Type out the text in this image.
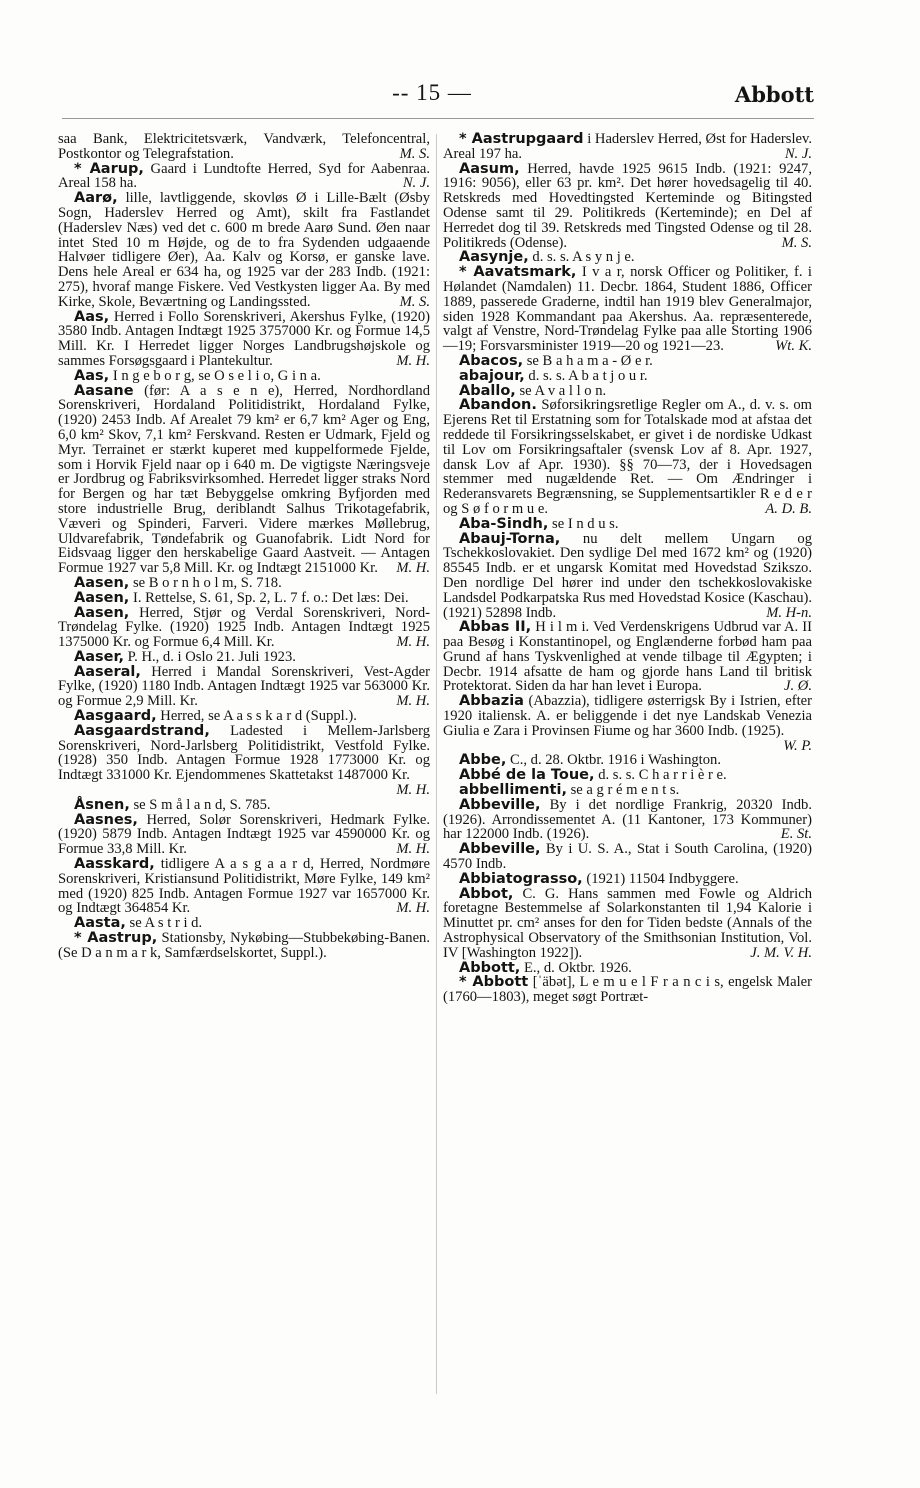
-- 15 —	Abbott

saa Bank, Elektricitetsværk, Vandværk, Telefoncentral, Postkontor og Telegrafstation.	M. S.

* Aarup, Gaard i Lundtofte Herred, Syd for Aabenraa. Areal 158 ha.	N. J.

Aarø, lille, lavtliggende, skovløs Ø i Lille-Bælt (Øsby Sogn, Haderslev Herred og Amt), skilt fra Fastlandet (Haderslev Næs) ved det c. 600 m brede Aarø Sund. Øen naar intet Sted 10 m Højde, og de to fra Sydenden udgaaende Halvøer tidligere Øer), Aa. Kalv og Korsø, er ganske lave. Dens hele Areal er 634 ha, og 1925 var der 283 Indb. (1921: 275), hvoraf mange Fiskere. Ved Vestkysten ligger Aa. By med Kirke, Skole, Beværtning og Landingssted.	M. S.

Aas, Herred i Follo Sorenskriveri, Akershus Fylke, (1920) 3580 Indb. Antagen Indtægt 1925 3757000 Kr. og Formue 14,5 Mill. Kr. I Herredet ligger Norges Landbrugshøjskole og sammes Forsøgsgaard i Plantekultur.	M. H.

Aas, I n g e b o r g, se O s e l i o, G i n a.

Aasane (før: A a s e n e), Herred, Nordhordland Sorenskriveri, Hordaland Politidistrikt, Hordaland Fylke, (1920) 2453 Indb. Af Arealet 79 km² er 6,7 km² Ager og Eng, 6,0 km² Skov, 7,1 km² Ferskvand. Resten er Udmark, Fjeld og Myr. Terrainet er stærkt kuperet med kuppelformede Fjelde, som i Horvik Fjeld naar op i 640 m. De vigtigste Næringsveje er Jordbrug og Fabriksvirksomhed. Herredet ligger straks Nord for Bergen og har tæt Bebyggelse omkring Byfjorden med store industrielle Brug, deriblandt Salhus Trikotagefabrik, Væveri og Spinderi, Farveri. Videre mærkes Møllebrug, Uldvarefabrik, Tøndefabrik og Guanofabrik. Lidt Nord for Eidsvaag ligger den herskabelige Gaard Aastveit. — Antagen Formue 1927 var 5,8 Mill. Kr. og Indtægt 2151000 Kr.	M. H.

Aasen, se B o r n h o l m, S. 718.

Aasen, I. Rettelse, S. 61, Sp. 2, L. 7 f. o.: Det læs: Dei.

Aasen, Herred, Stjør og Verdal Sorenskriveri, Nord-Trøndelag Fylke. (1920) 1925 Indb. Antagen Indtægt 1925 1375000 Kr. og Formue 6,4 Mill. Kr.	M. H.

Aaser, P. H., d. i Oslo 21. Juli 1923.

Aaseral, Herred i Mandal Sorenskriveri, Vest-Agder Fylke, (1920) 1180 Indb. Antagen Indtægt 1925 var 563000 Kr. og Formue 2,9 Mill. Kr.	M. H.

Aasgaard, Herred, se A a s s k a r d (Suppl.).

Aasgaardstrand, Ladested i Mellem-Jarlsberg Sorenskriveri, Nord-Jarlsberg Politidistrikt, Vestfold Fylke. (1928) 350 Indb. Antagen Formue 1928 1773000 Kr. og Indtægt 331000 Kr. Ejendommenes Skattetakst 1487000 Kr.
M. H.

Åsnen, se S m å l a n d, S. 785.

Aasnes, Herred, Solør Sorenskriveri, Hedmark Fylke. (1920) 5879 Indb. Antagen Indtægt 1925 var 4590000 Kr. og Formue 33,8 Mill. Kr.	M. H.

Aasskard, tidligere A a s g a a r d, Herred, Nordmøre Sorenskriveri, Kristiansund Politidistrikt, Møre Fylke, 149 km² med (1920) 825 Indb. Antagen Formue 1927 var 1657000 Kr. og Indtægt 364854 Kr.	M. H.

Aasta, se A s t r i d.

* Aastrup, Stationsby, Nykøbing—Stubbekøbing-Banen. (Se D a n m a r k, Samfærdselskortet, Suppl.).

* Aastrupgaard i Haderslev Herred, Øst for Haderslev. Areal 197 ha.	N. J.

Aasum, Herred, havde 1925 9615 Indb. (1921: 9247, 1916: 9056), eller 63 pr. km². Det hører hovedsagelig til 40. Retskreds med Hovedtingsted Kerteminde og Bitingsted Odense samt til 29. Politikreds (Kerteminde); en Del af Herredet dog til 39. Retskreds med Tingsted Odense og til 28. Politikreds (Odense).	M. S.

Aasynje, d. s. s. A s y n j e.

* Aavatsmark, I v a r, norsk Officer og Politiker, f. i Hølandet (Namdalen) 11. Decbr. 1864, Student 1886, Officer 1889, passerede Graderne, indtil han 1919 blev Generalmajor, siden 1928 Kommandant paa Akershus. Aa. repræsenterede, valgt af Venstre, Nord-Trøndelag Fylke paa alle Storting 1906—19; Forsvarsminister 1919—20 og 1921—23.	Wt. K.

Abacos, se B a h a m a - Ø e r.

abajour, d. s. s. A b a t j o u r.

Aballo, se A v a l l o n.

Abandon. Søforsikringsretlige Regler om A., d. v. s. om Ejerens Ret til Erstatning som for Totalskade mod at afstaa det reddede til Forsikringsselskabet, er givet i de nordiske Udkast til Lov om Forsikringsaftaler (svensk Lov af 8. Apr. 1927, dansk Lov af Apr. 1930). §§ 70—73, der i Hovedsagen stemmer med nugældende Ret. — Om Ændringer i Rederansvarets Begrænsning, se Supplementsartikler R e d e r og S ø f o r m u e.	A. D. B.

Aba-Sindh, se I n d u s.

Abauj-Torna, nu delt mellem Ungarn og Tschekkoslovakiet. Den sydlige Del med 1672 km² og (1920) 85545 Indb. er et ungarsk Komitat med Hovedstad Szikszo. Den nordlige Del hører ind under den tschekkoslovakiske Landsdel Podkarpatska Rus med Hovedstad Kosice (Kaschau). (1921) 52898 Indb.	M. H-n.

Abbas II, H i l m i. Ved Verdenskrigens Udbrud var A. II paa Besøg i Konstantinopel, og Englænderne forbød ham paa Grund af hans Tyskvenlighed at vende tilbage til Ægypten; i Decbr. 1914 afsatte de ham og gjorde hans Land til britisk Protektorat. Siden da har han levet i Europa.	J. Ø.

Abbazia (Abazzia), tidligere østerrigsk By i Istrien, efter 1920 italiensk. A. er beliggende i det nye Landskab Venezia Giulia e Zara i Provinsen Fiume og har 3600 Indb. (1925).
W. P.

Abbe, C., d. 28. Oktbr. 1916 i Washington.

Abbé de la Toue, d. s. s. C h a r r i è r e.

abbellimenti, se a g r é m e n t s.

Abbeville, By i det nordlige Frankrig, 20320 Indb. (1926). Arrondissementet A. (11 Kantoner, 173 Kommuner) har 122000 Indb. (1926).	E. St.

Abbeville, By i U. S. A., Stat i South Carolina, (1920) 4570 Indb.

Abbiatograsso, (1921) 11504 Indbyggere.

Abbot, C. G. Hans sammen med Fowle og Aldrich foretagne Bestemmelse af Solarkonstanten til 1,94 Kalorie i Minuttet pr. cm² anses for den for Tiden bedste (Annals of the Astrophysical Observatory of the Smithsonian Institution, Vol. IV [Washington 1922]).	J. M. V. H.

Abbott, E., d. Oktbr. 1926.

* Abbott [ˈäbət], L e m u e l F r a n c i s, engelsk Maler (1760—1803), meget søgt Portræt-
